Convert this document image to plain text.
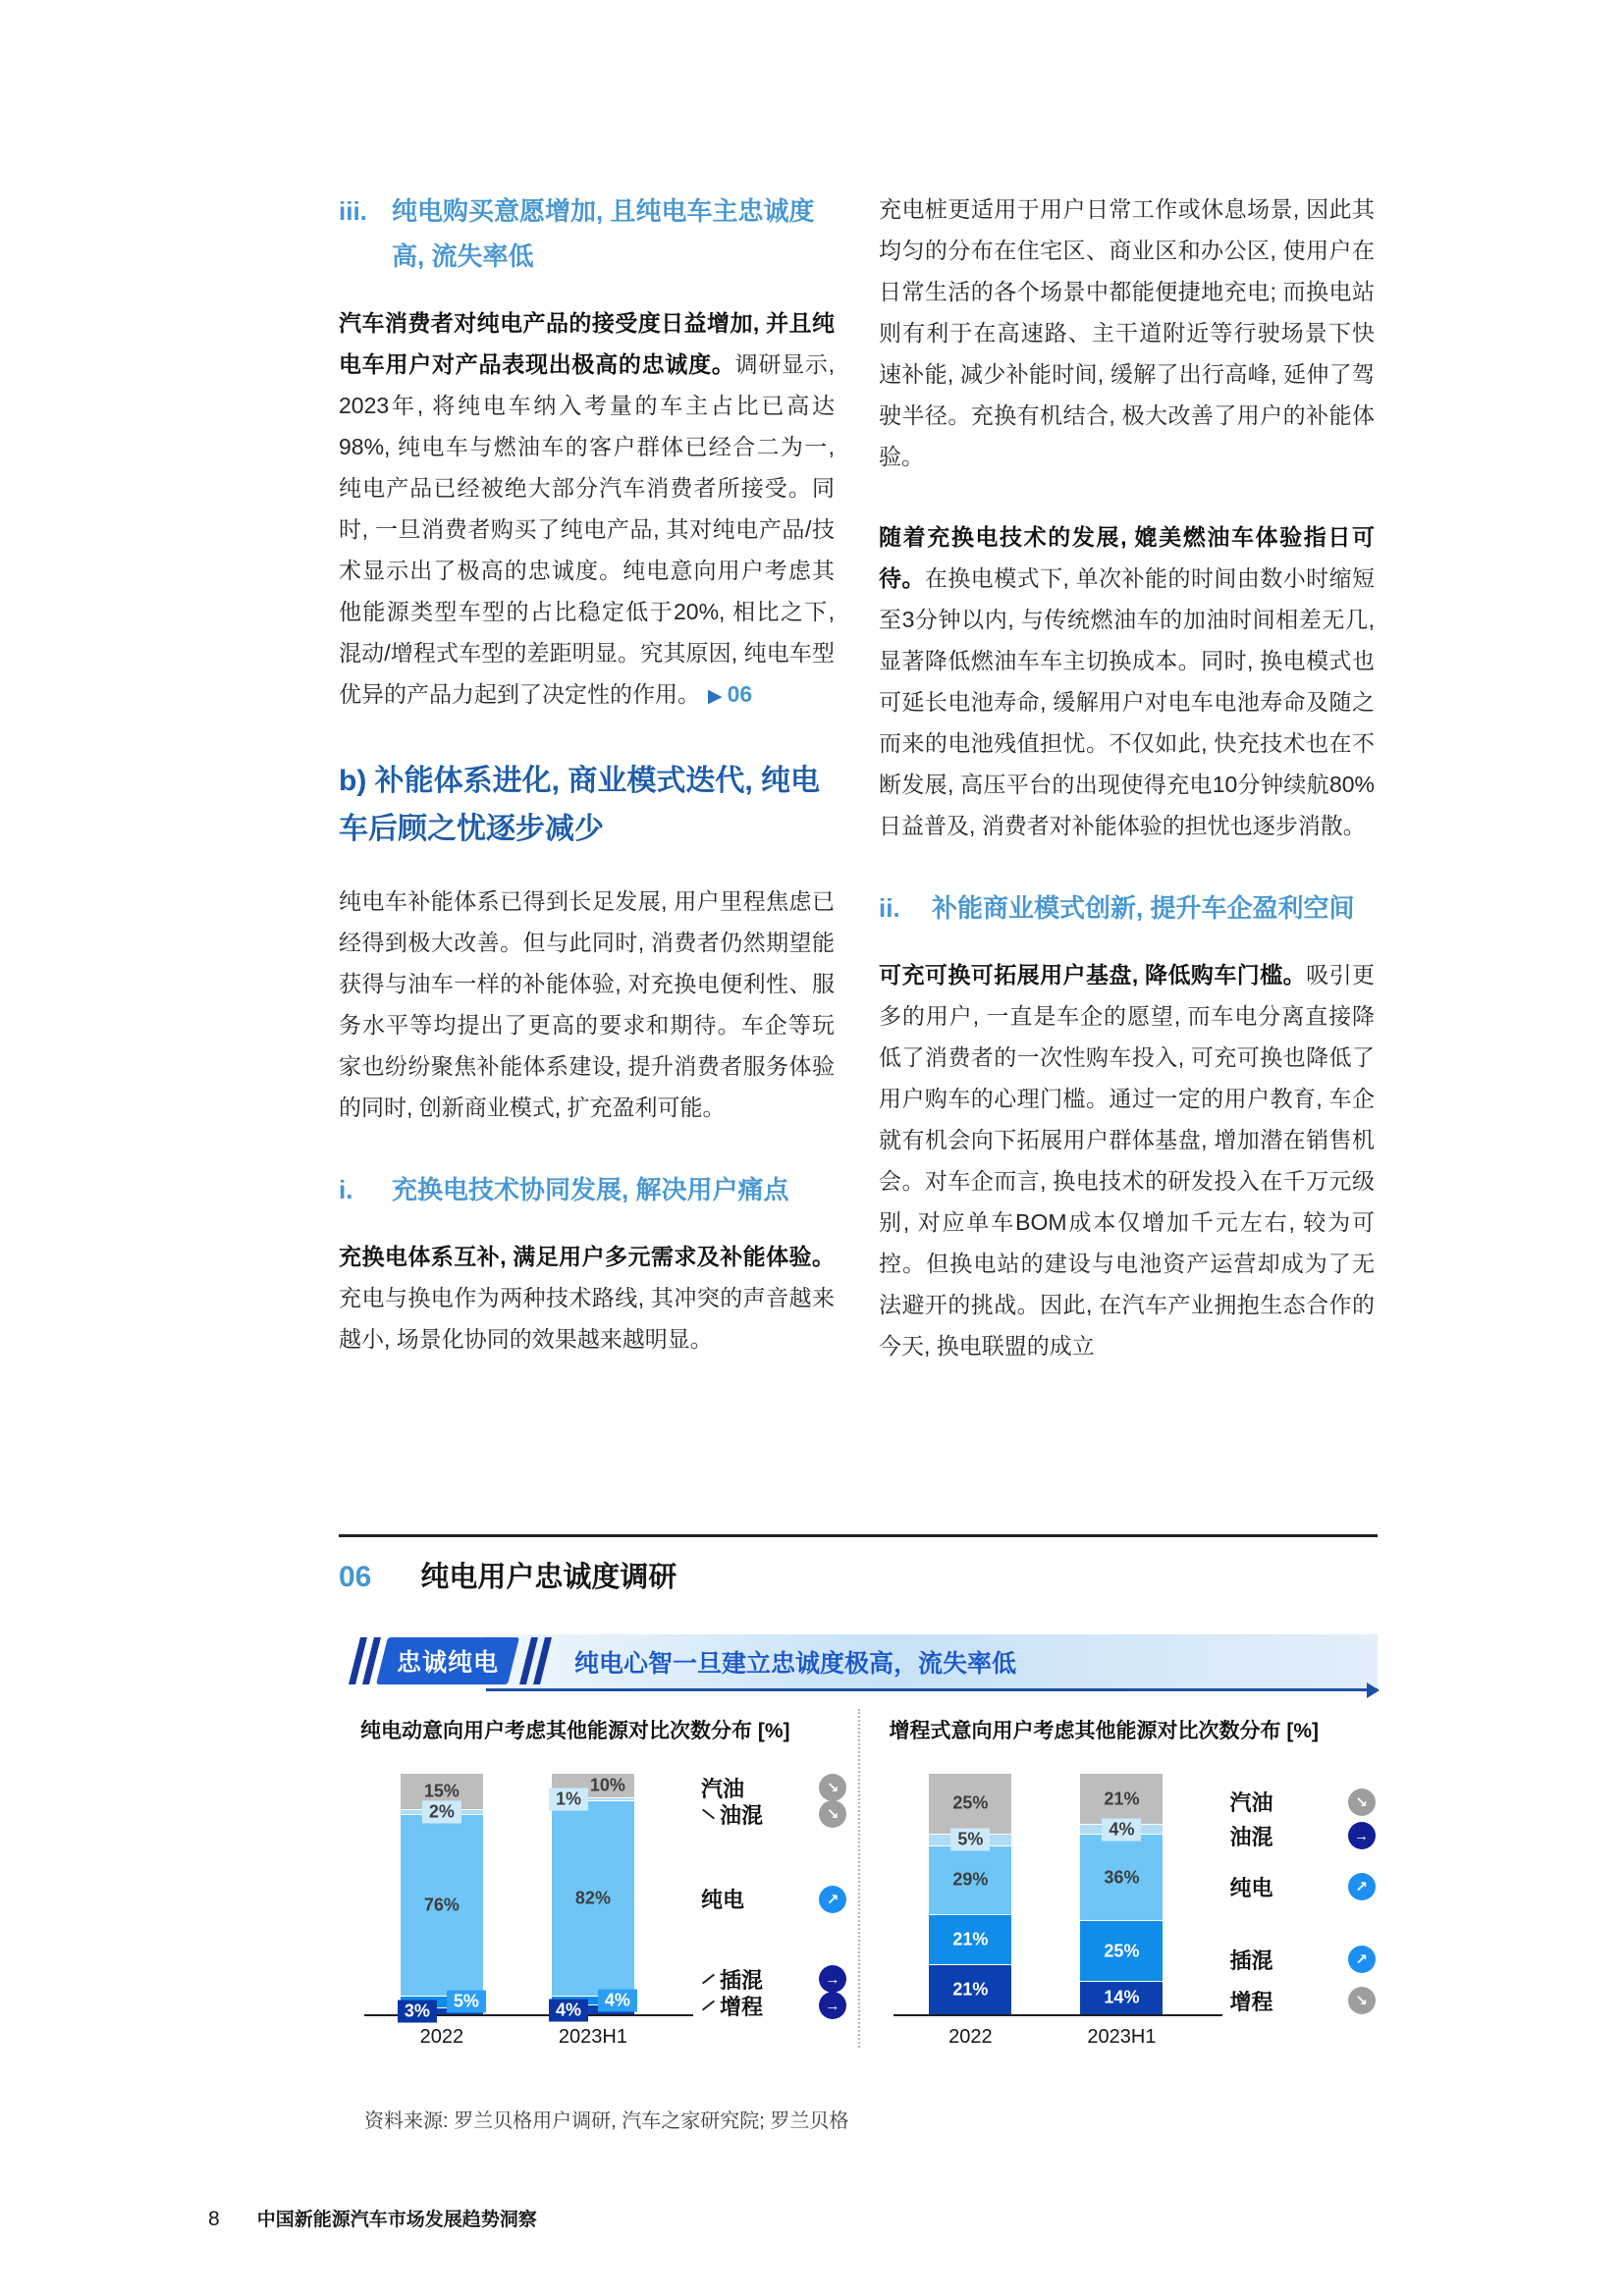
iii. 纯电购买意愿增加, 且纯电车主忠诚度高, 流失率低

汽车消费者对纯电产品的接受度日益增加, 并且纯电车用户对产品表现出极高的忠诚度。调研显示, 2023年, 将纯电车纳入考量的车主占比已高达98%, 纯电车与燃油车的客户群体已经合二为一, 纯电产品已经被绝大部分汽车消费者所接受。同时, 一旦消费者购买了纯电产品, 其对纯电产品/技术显示出了极高的忠诚度。纯电意向用户考虑其他能源类型车型的占比稳定低于20%, 相比之下, 混动/增程式车型的差距明显。究其原因, 纯电车型优异的产品力起到了决定性的作用。 ▶ 06

b) 补能体系进化, 商业模式迭代, 纯电车后顾之忧逐步减少

纯电车补能体系已得到长足发展, 用户里程焦虑已经得到极大改善。但与此同时, 消费者仍然期望能获得与油车一样的补能体验, 对充换电便利性、服务水平等均提出了更高的要求和期待。车企等玩家也纷纷聚焦补能体系建设, 提升消费者服务体验的同时, 创新商业模式, 扩充盈利可能。

i.	充换电技术协同发展, 解决用户痛点

充换电体系互补, 满足用户多元需求及补能体验。充电与换电作为两种技术路线, 其冲突的声音越来越小, 场景化协同的效果越来越明显。

充电桩更适用于用户日常工作或休息场景, 因此其均匀的分布在住宅区、商业区和办公区, 使用户在日常生活的各个场景中都能便捷地充电; 而换电站则有利于在高速路、主干道附近等行驶场景下快速补能, 减少补能时间, 缓解了出行高峰, 延伸了驾驶半径。充换有机结合, 极大改善了用户的补能体验。

随着充换电技术的发展, 媲美燃油车体验指日可待。在换电模式下, 单次补能的时间由数小时缩短至3分钟以内, 与传统燃油车的加油时间相差无几, 显著降低燃油车车主切换成本。同时, 换电模式也可延长电池寿命, 缓解用户对电车电池寿命及随之而来的电池残值担忧。不仅如此, 快充技术也在不断发展, 高压平台的出现使得充电10分钟续航80%日益普及, 消费者对补能体验的担忧也逐步消散。

ii.	补能商业模式创新, 提升车企盈利空间

可充可换可拓展用户基盘, 降低购车门槛。吸引更多的用户, 一直是车企的愿望, 而车电分离直接降低了消费者的一次性购车投入, 可充可换也降低了用户购车的心理门槛。通过一定的用户教育, 车企就有机会向下拓展用户群体基盘, 增加潜在销售机会。对车企而言, 换电技术的研发投入在千万元级别, 对应单车BOM成本仅增加千元左右, 较为可控。但换电站的建设与电池资产运营却成为了无法避开的挑战。因此, 在汽车产业拥抱生态合作的今天, 换电联盟的成立

06 纯电用户忠诚度调研
忠诚纯电	纯电心智一旦建立忠诚度极高，流失率低
纯电动意向用户考虑其他能源对比次数分布 [%]
15%
2%
76%
5%
3%
2022
10%
1%
82%
4%
4%
2023H1
汽油	↘
油混	↘
纯电	↗
插混	→
增程	→
增程式意向用户考虑其他能源对比次数分布 [%]
25%
5%
29%
21%
21%
2022
21%
4%
36%
25%
14%
2023H1
汽油	↘
油混	→
纯电	↗
插混	↗
增程	↘
资料来源: 罗兰贝格用户调研, 汽车之家研究院; 罗兰贝格
8 中国新能源汽车市场发展趋势洞察
